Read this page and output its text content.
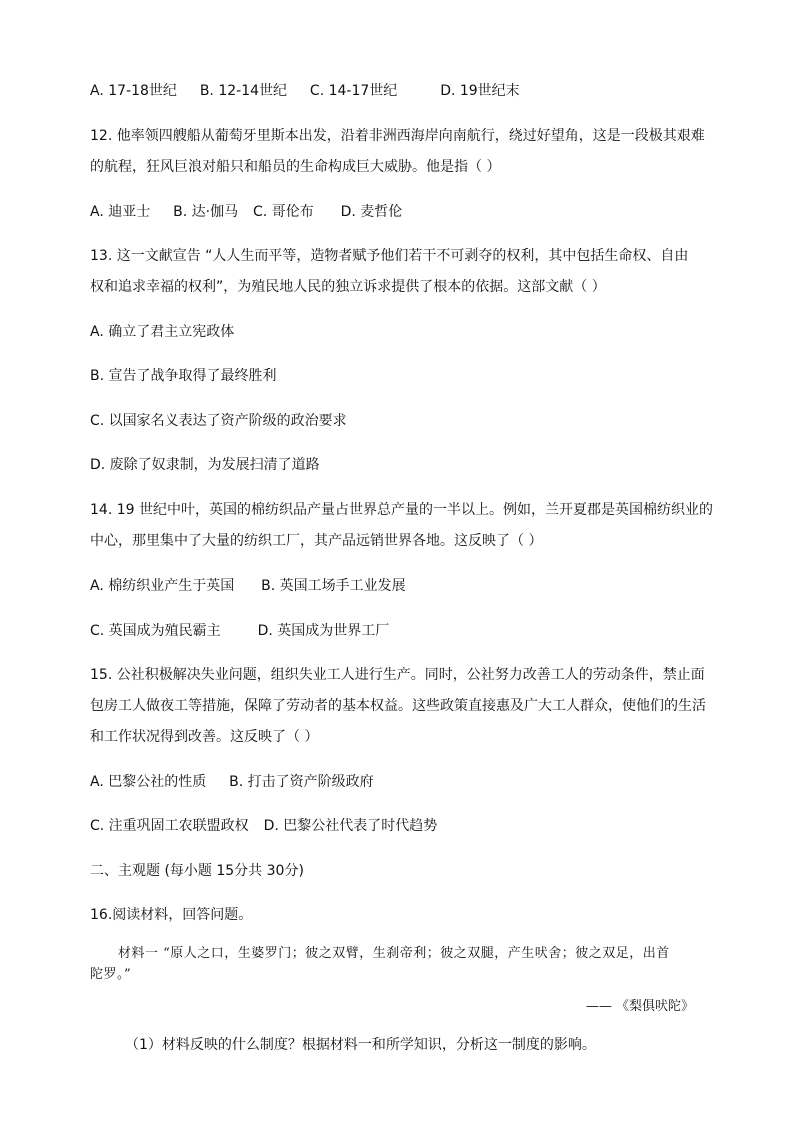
A. 17-18世纪 B. 12-14世纪 C. 14-17世纪	D. 19世纪末
12. 他率领四艘船从葡萄牙里斯本出发，沿着非洲西海岸向南航行，绕过好望角，这是一段极其艰难
的航程，狂风巨浪对船只和船员的生命构成巨大威胁。他是指（ ）
A. 迪亚士 B. 达·伽马 C. 哥伦布 D. 麦哲伦
13. 这一文献宣告 “人人生而平等，造物者赋予他们若干不可剥夺的权利，其中包括生命权、自由
权和追求幸福的权利”，为殖民地人民的独立诉求提供了根本的依据。这部文献（ ）
A. 确立了君主立宪政体
B. 宣告了战争取得了最终胜利
C. 以国家名义表达了资产阶级的政治要求
D. 废除了奴隶制，为发展扫清了道路
14. 19 世纪中叶，英国的棉纺织品产量占世界总产量的一半以上。例如，兰开夏郡是英国棉纺织业的
中心，那里集中了大量的纺织工厂，其产品远销世界各地。这反映了（ ）
A. 棉纺织业产生于英国 B. 英国工场手工业发展
C. 英国成为殖民霸主	D. 英国成为世界工厂
15. 公社积极解决失业问题，组织失业工人进行生产。同时，公社努力改善工人的劳动条件，禁止面
包房工人做夜工等措施，保障了劳动者的基本权益。这些政策直接惠及广大工人群众，使他们的生活
和工作状况得到改善。这反映了（ ）
A. 巴黎公社的性质 B. 打击了资产阶级政府
C. 注重巩固工农联盟政权 D. 巴黎公社代表了时代趋势
二、主观题 (每小题 15分共 30分)
16.阅读材料，回答问题。
材料一 “原人之口，生婆罗门；彼之双臂，生刹帝利；彼之双腿，产生吠舍；彼之双足，出首
陀罗。”
—— 《梨俱吠陀》
（1）材料反映的什么制度？根据材料一和所学知识，分析这一制度的影响。
